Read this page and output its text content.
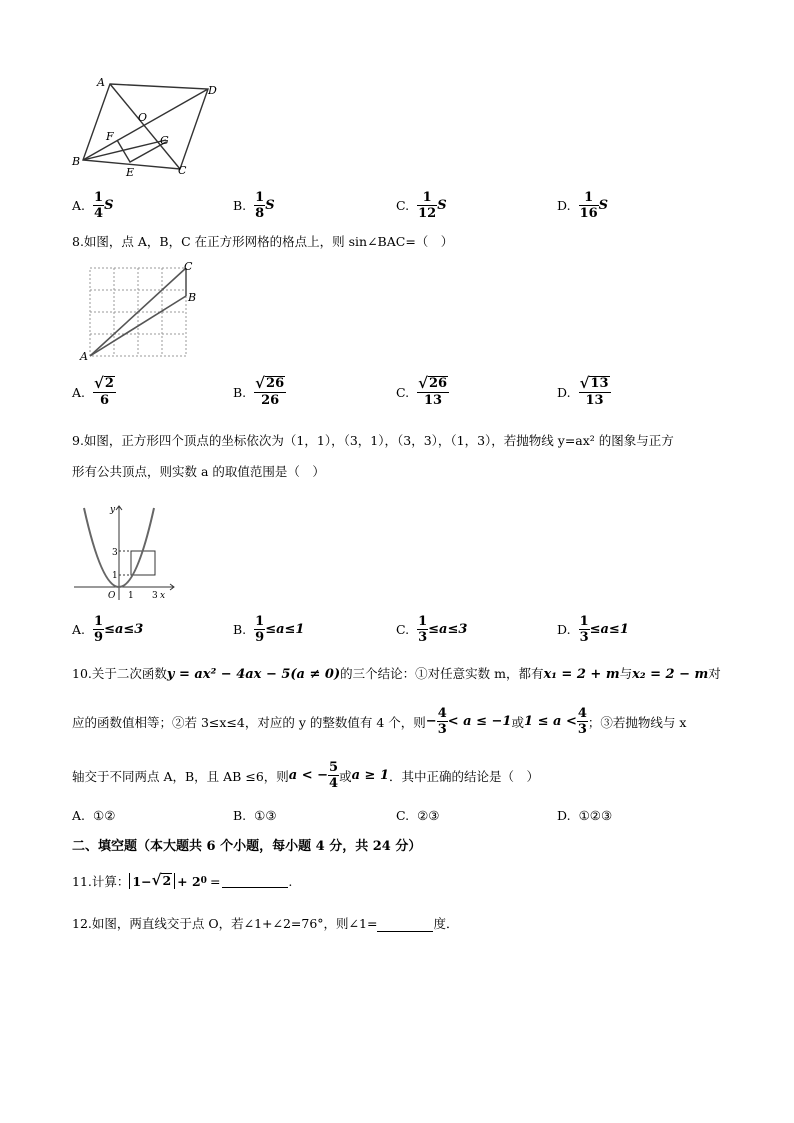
A
D
O
F	G
B
E	C
A. $\frac{1}{4}$ S	B. $\frac{1}{8}$ S	C. $\frac{1}{12}$ S	D. $\frac{1}{16}$ S
8.如图，点 A，B，C 在正方形网格的格点上，则 sin∠BAC=（　）
A
B
C
A. $\frac{√ 2}{6}$	B. $\frac{√ 26}{26}$	C. $\frac{√ 26}{13}$	D. $\frac{√ 13}{13}$
9.如图，正方形四个顶点的坐标依次为（1，1），（3，1），（3，3），（1，3），若抛物线 y=ax² 的图象与正方
形有公共顶点，则实数 a 的取值范围是（　）
y
x
O 1 3
1
3
A. $\frac{1}{9} \le a\le 3$	B. $\frac{1}{9} \le a\le 1$	C. $\frac{1}{3} \le a\le 3$	D. $\frac{1}{3} \le a\le 1$
10.关于二次函数y = ax² − 4ax − 5(a ≠ 0)的三个结论：①对任意实数 m，都有x₁ = 2 + m与x₂ = 2 − m对
应的函数值相等；②若 3≤x≤4，对应的 y 的整数值有 4 个，则 − $\frac{4}{3} < a \le -1$ 或 $1 \le a < \frac{4}{3}$ ；③若抛物线与 x
轴交于不同两点 A，B，且 AB ≤6，则 a < − $\frac{5}{4}$ 或 a ≥ 1 ．其中正确的结论是（　）
A. ①②	B. ①③	C. ②③	D. ①②③
二、填空题（本大题共 6 个小题，每小题 4 分，共 24 分）
11.计算： 1 − √ 2 + 2 0 =	.
12.如图，两直线交于点 O，若∠1+∠2=76°，则∠1=	度．
